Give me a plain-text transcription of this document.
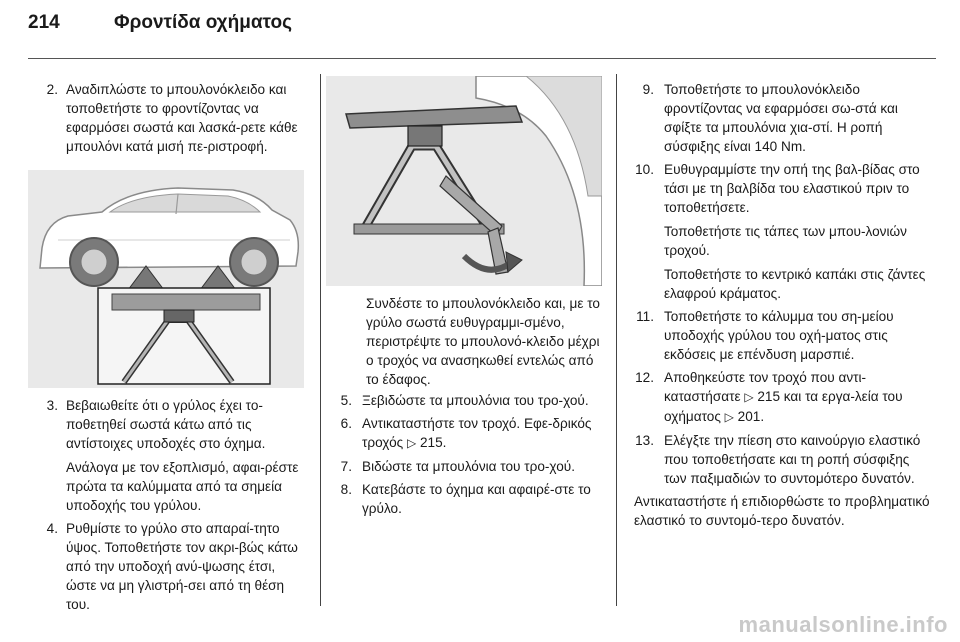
214	Φροντίδα οχήματος
2. Αναδιπλώστε το μπουλονόκλειδο και τοποθετήστε το φροντίζοντας να εφαρμόσει σωστά και λασκά-ρετε κάθε μπουλόνι κατά μισή πε-ριστροφή.
3. Βεβαιωθείτε ότι ο γρύλος έχει το-ποθετηθεί σωστά κάτω από τις αντίστοιχες υποδοχές στο όχημα.

Ανάλογα με τον εξοπλισμό, αφαι-ρέστε πρώτα τα καλύμματα από τα σημεία υποδοχής του γρύλου.

4. Ρυθμίστε το γρύλο στο απαραί-τητο ύψος. Τοποθετήστε τον ακρι-βώς κάτω από την υποδοχή ανύ-ψωσης έτσι, ώστε να μη γλιστρή-σει από τη θέση του.

Συνδέστε το μπουλονόκλειδο και, με το γρύλο σωστά ευθυγραμμι-σμένο, περιστρέψτε το μπουλονό-κλειδο μέχρι ο τροχός να ανασηκωθεί εντελώς από το έδαφος.

5. Ξεβιδώστε τα μπουλόνια του τρο-χού.
6. Αντικαταστήστε τον τροχό. Εφε-δρικός τροχός ▷ 215.
7. Βιδώστε τα μπουλόνια του τρο-χού.
8. Κατεβάστε το όχημα και αφαιρέ-στε το γρύλο.
9. Τοποθετήστε το μπουλονόκλειδο φροντίζοντας να εφαρμόσει σω-στά και σφίξτε τα μπουλόνια χια-στί. Η ροπή σύσφιξης είναι 140 Nm.
10. Ευθυγραμμίστε την οπή της βαλ-βίδας στο τάσι με τη βαλβίδα του ελαστικού πριν το τοποθετήσετε.

Τοποθετήστε τις τάπες των μπου-λονιών τροχού.

Τοποθετήστε το κεντρικό καπάκι στις ζάντες ελαφρού κράματος.

11. Τοποθετήστε το κάλυμμα του ση-μείου υποδοχής γρύλου του οχή-ματος στις εκδόσεις με επένδυση μαρσπιέ.
12. Αποθηκεύστε τον τροχό που αντι-καταστήσατε ▷ 215 και τα εργα-λεία του οχήματος ▷ 201.
13. Ελέγξτε την πίεση στο καινούργιο ελαστικό που τοποθετήσατε και τη ροπή σύσφιξης των παξιμαδιών το συντομότερο δυνατόν.

Αντικαταστήστε ή επιδιορθώστε το προβληματικό ελαστικό το συντομό-τερο δυνατόν.

manualsonline.info
